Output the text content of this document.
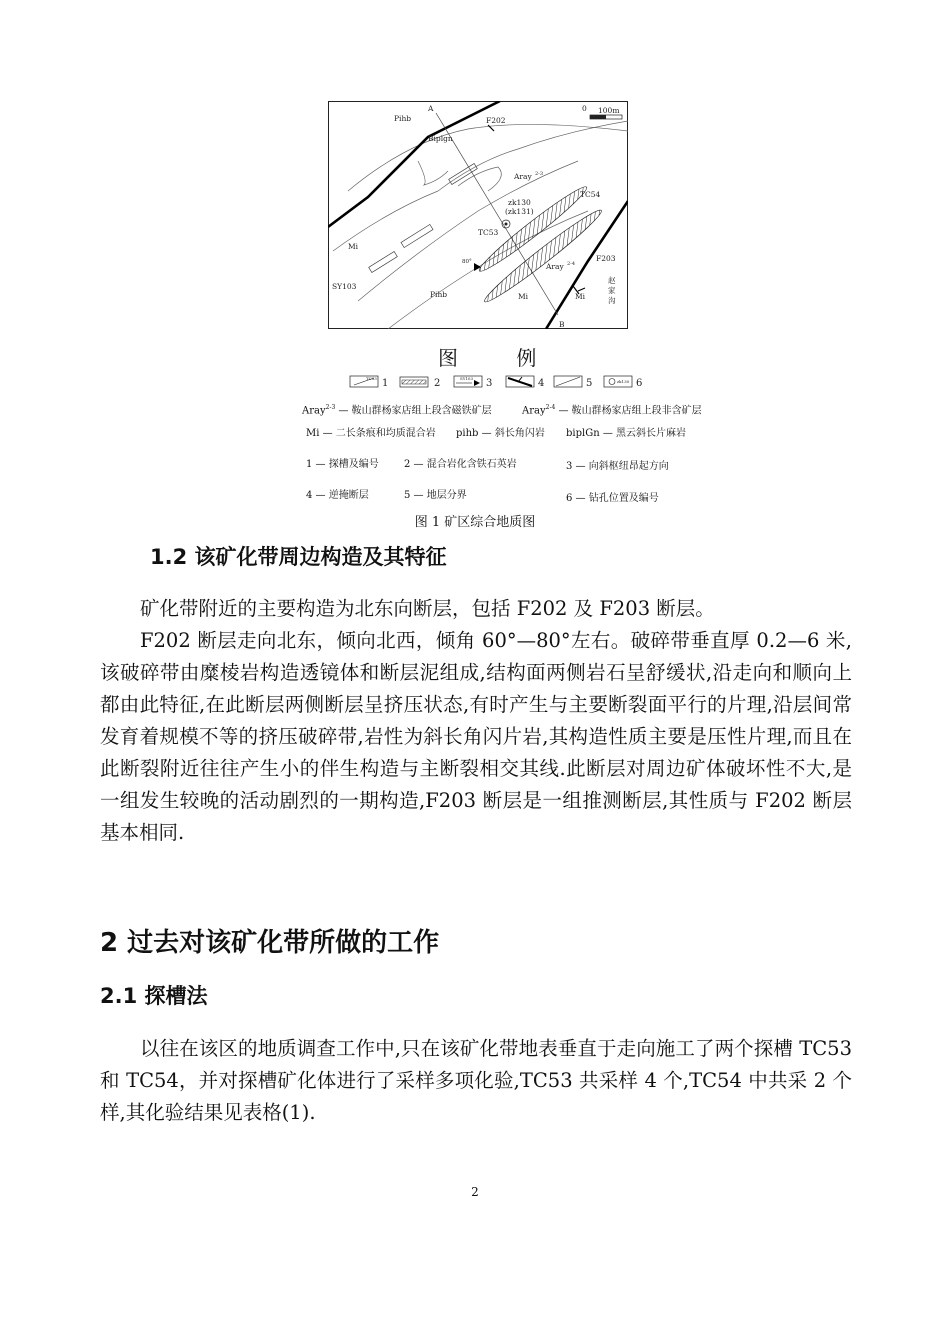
A
B
Pihb
Biplgn
F202
0 100m
Aray 2-3
TC54
zk130
(zk131)
TC53
Mi
80°	Aray 2-4
F203
SY103
Pihb	Mi	Mi
赵
家
沟
图 例
TC53 1	2	SY103 3	4	5	zk130 6
Aray$^{2-3}$ — 鞍山群杨家店组上段含磁铁矿层	Aray$^{2-4}$ — 鞍山群杨家店组上段非含矿层
Mi — 二长条痕和均质混合岩 pihb — 斜长角闪岩 biplGn — 黑云斜长片麻岩
1 — 探槽及编号	2 — 混合岩化含铁石英岩	3 — 向斜枢纽昂起方向
4 — 逆掩断层	5 — 地层分界	6 — 钻孔位置及编号
图 1 矿区综合地质图
1.2 该矿化带周边构造及其特征

矿化带附近的主要构造为北东向断层，包括 F202 及 F203 断层。

F202 断层走向北东，倾向北西，倾角 60°—80°左右。破碎带垂直厚 0.2—6 米,该破碎带由糜棱岩构造透镜体和断层泥组成,结构面两侧岩石呈舒缓状,沿走向和顺向上都由此特征,在此断层两侧断层呈挤压状态,有时产生与主要断裂面平行的片理,沿层间常发育着规模不等的挤压破碎带,岩性为斜长角闪片岩,其构造性质主要是压性片理,而且在此断裂附近往往产生小的伴生构造与主断裂相交其线.此断层对周边矿体破坏性不大,是一组发生较晚的活动剧烈的一期构造,F203 断层是一组推测断层,其性质与 F202 断层基本相同.

2 过去对该矿化带所做的工作
2.1 探槽法

以往在该区的地质调查工作中,只在该矿化带地表垂直于走向施工了两个探槽 TC53 和 TC54，并对探槽矿化体进行了采样多项化验,TC53 共采样 4 个,TC54 中共采 2 个样,其化验结果见表格(1).

2
